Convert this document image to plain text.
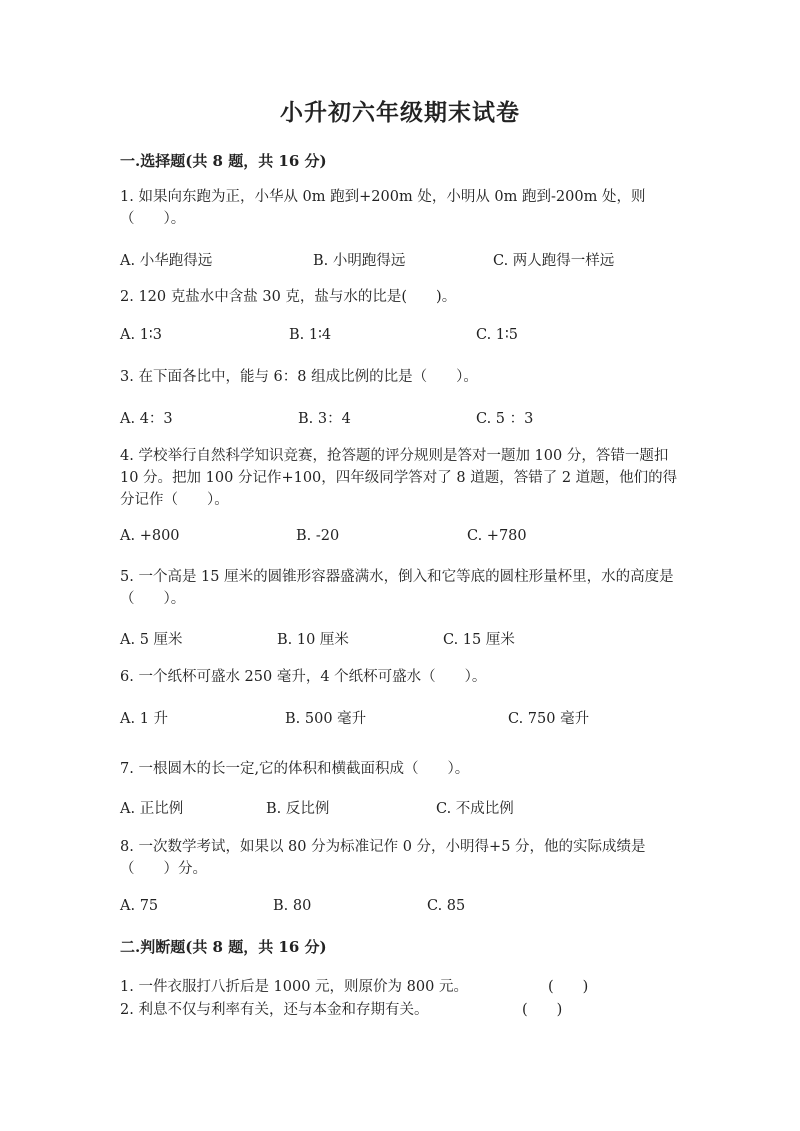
小升初六年级期末试卷
一.选择题(共 8 题，共 16 分)
1. 如果向东跑为正，小华从 0m 跑到+200m 处，小明从 0m 跑到-200m 处，则（　　）。
A. 小华跑得远	B. 小明跑得远	C. 两人跑得一样远
2. 120 克盐水中含盐 30 克，盐与水的比是(　　)。
A. 1∶3	B. 1∶4	C. 1∶5
3. 在下面各比中，能与 6：8 组成比例的比是（　　）。
A. 4：3	B. 3：4	C. 5 ：3
4. 学校举行自然科学知识竞赛，抢答题的评分规则是答对一题加 100 分，答错一题扣 10 分。把加 100 分记作+100，四年级同学答对了 8 道题，答错了 2 道题，他们的得分记作（　　）。
A. +800	B. -20	C. +780
5. 一个高是 15 厘米的圆锥形容器盛满水，倒入和它等底的圆柱形量杯里，水的高度是（　　）。
A. 5 厘米	B. 10 厘米	C. 15 厘米
6. 一个纸杯可盛水 250 毫升，4 个纸杯可盛水（　　）。
A. 1 升	B. 500 毫升	C. 750 毫升
7. 一根圆木的长一定,它的体积和横截面积成（　　）。
A. 正比例	B. 反比例	C. 不成比例
8. 一次数学考试，如果以 80 分为标准记作 0 分，小明得+5 分，他的实际成绩是（　　）分。
A. 75	B. 80	C. 85
二.判断题(共 8 题，共 16 分)
1. 一件衣服打八折后是 1000 元，则原价为 800 元。	(　　)
2. 利息不仅与利率有关，还与本金和存期有关。	(　　)
